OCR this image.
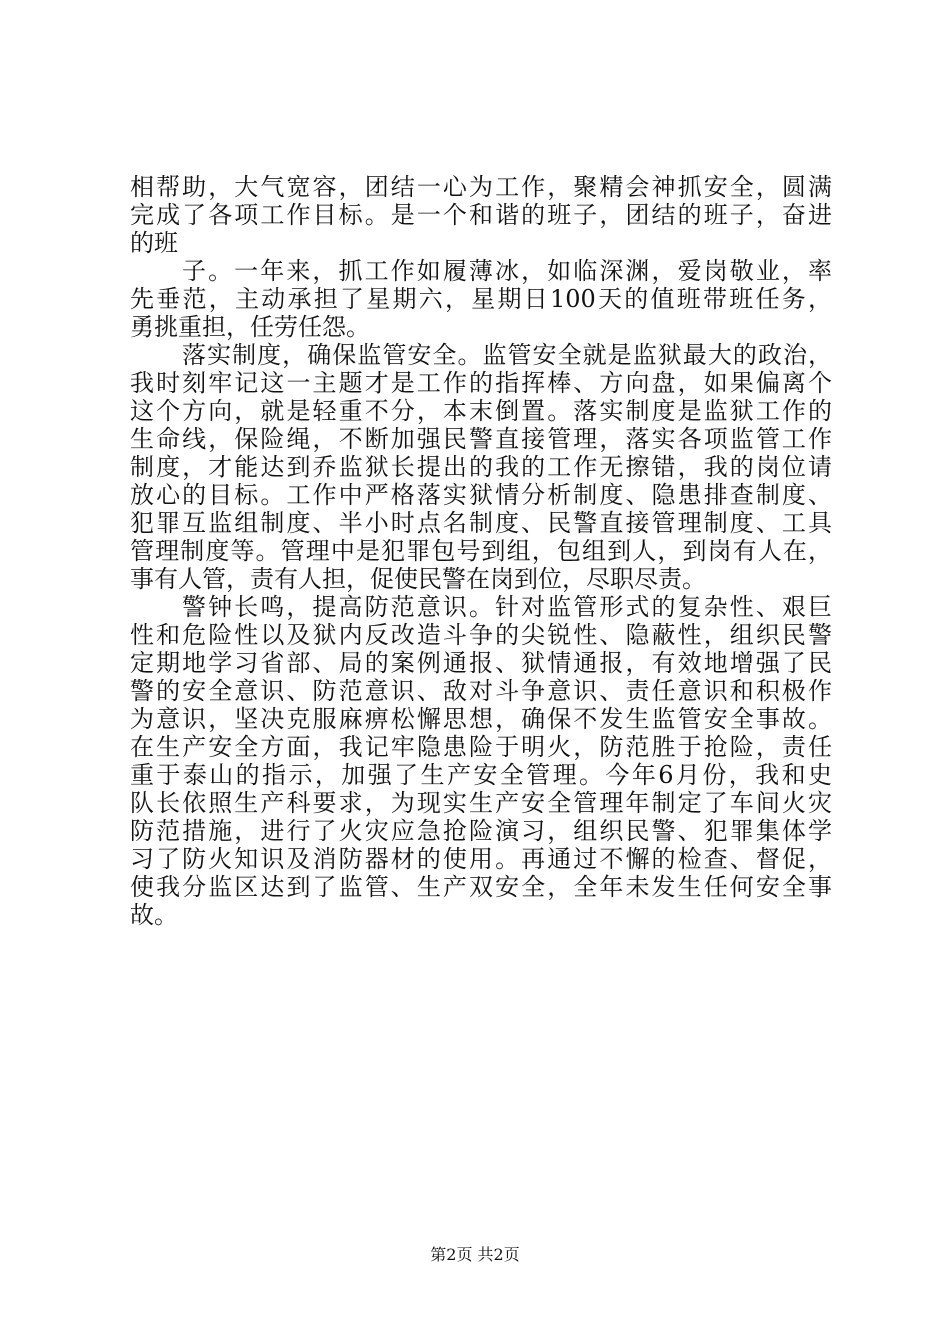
相帮助，大气宽容，团结一心为工作，聚精会神抓安全，圆满
完成了各项工作目标。是一个和谐的班子，团结的班子，奋进
的班
子。一年来，抓工作如履薄冰，如临深渊，爱岗敬业，率
先垂范，主动承担了星期六，星期日100天的值班带班任务，
勇挑重担，任劳任怨。
落实制度，确保监管安全。监管安全就是监狱最大的政治，
我时刻牢记这一主题才是工作的指挥棒、方向盘，如果偏离个
这个方向，就是轻重不分，本末倒置。落实制度是监狱工作的
生命线，保险绳，不断加强民警直接管理，落实各项监管工作
制度，才能达到乔监狱长提出的我的工作无擦错，我的岗位请
放心的目标。工作中严格落实狱情分析制度、隐患排查制度、
犯罪互监组制度、半小时点名制度、民警直接管理制度、工具
管理制度等。管理中是犯罪包号到组，包组到人，到岗有人在，
事有人管，责有人担，促使民警在岗到位，尽职尽责。
警钟长鸣，提高防范意识。针对监管形式的复杂性、艰巨
性和危险性以及狱内反改造斗争的尖锐性、隐蔽性，组织民警
定期地学习省部、局的案例通报、狱情通报，有效地增强了民
警的安全意识、防范意识、敌对斗争意识、责任意识和积极作
为意识，坚决克服麻痹松懈思想，确保不发生监管安全事故。
在生产安全方面，我记牢隐患险于明火，防范胜于抢险，责任
重于泰山的指示，加强了生产安全管理。今年6月份，我和史
队长依照生产科要求，为现实生产安全管理年制定了车间火灾
防范措施，进行了火灾应急抢险演习，组织民警、犯罪集体学
习了防火知识及消防器材的使用。再通过不懈的检查、督促，
使我分监区达到了监管、生产双安全，全年未发生任何安全事
故。
第2页 共2页
